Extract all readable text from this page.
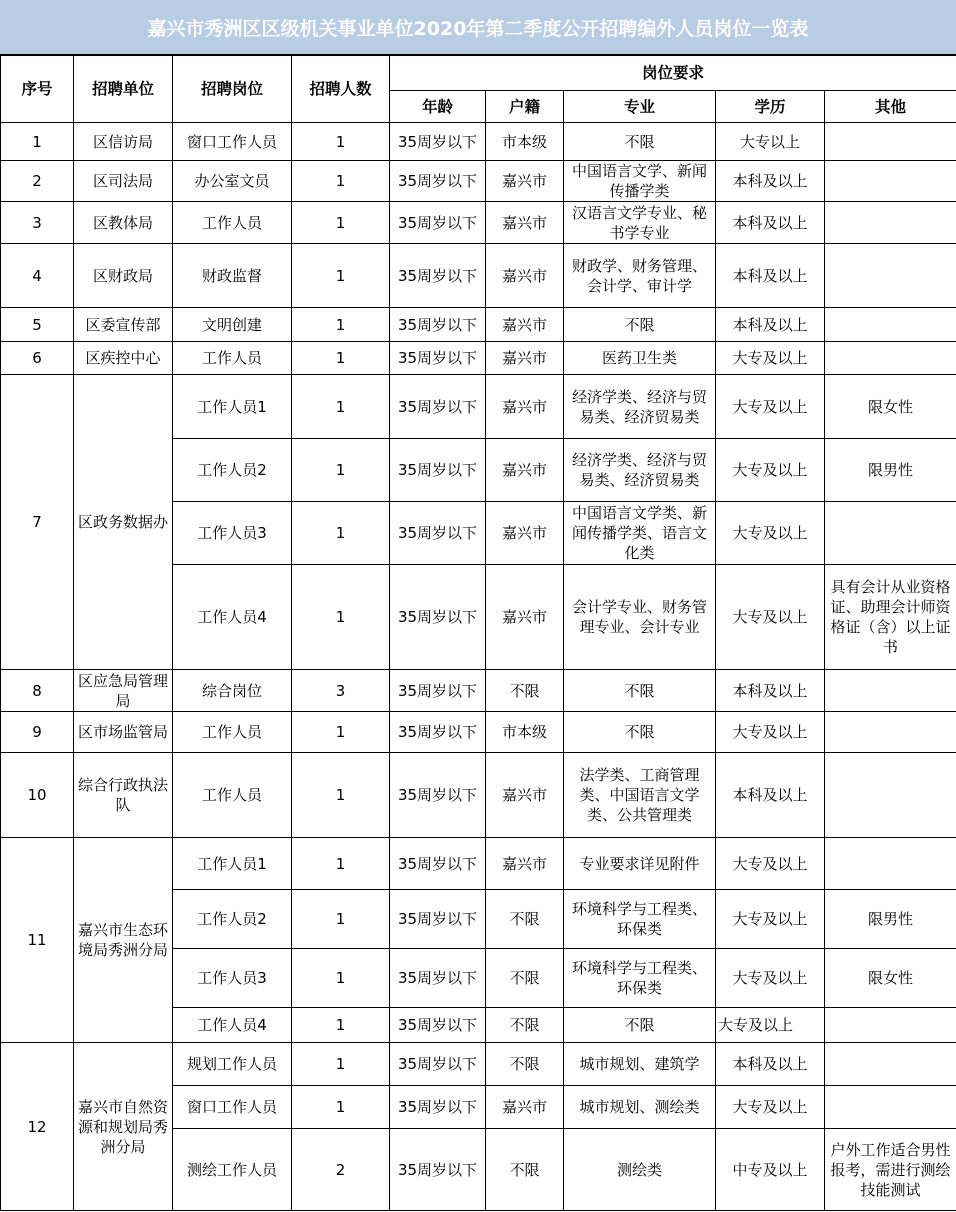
嘉兴市秀洲区区级机关事业单位2020年第二季度公开招聘编外人员岗位一览表
序号	招聘单位	招聘岗位	招聘人数	岗位要求				
				年龄	户籍	专业	学历	其他
1	区信访局	窗口工作人员	1	35周岁以下	市本级	不限	大专以上	
2	区司法局	办公室文员	1	35周岁以下	嘉兴市	中国语言文学、新闻传播学类	本科及以上	
3	区教体局	工作人员	1	35周岁以下	嘉兴市	汉语言文学专业、秘书学专业	本科及以上	
4	区财政局	财政监督	1	35周岁以下	嘉兴市	财政学、财务管理、会计学、审计学	本科及以上	
5	区委宣传部	文明创建	1	35周岁以下	嘉兴市	不限	本科及以上	
6	区疾控中心	工作人员	1	35周岁以下	嘉兴市	医药卫生类	大专及以上	
7	区政务数据办	工作人员1	1	35周岁以下	嘉兴市	经济学类、经济与贸易类、经济贸易类	大专及以上	限女性
		工作人员2	1	35周岁以下	嘉兴市	经济学类、经济与贸易类、经济贸易类	大专及以上	限男性
		工作人员3	1	35周岁以下	嘉兴市	中国语言文学类、新闻传播学类、语言文化类	大专及以上	
		工作人员4	1	35周岁以下	嘉兴市	会计学专业、财务管理专业、会计专业	大专及以上	具有会计从业资格证、助理会计师资格证（含）以上证书
8	区应急局管理局	综合岗位	3	35周岁以下	不限	不限	本科及以上	
9	区市场监管局	工作人员	1	35周岁以下	市本级	不限	大专及以上	
10	综合行政执法队	工作人员	1	35周岁以下	嘉兴市	法学类、工商管理类、中国语言文学类、公共管理类	本科及以上	
11	嘉兴市生态环境局秀洲分局	工作人员1	1	35周岁以下	嘉兴市	专业要求详见附件	大专及以上	
		工作人员2	1	35周岁以下	不限	环境科学与工程类、环保类	大专及以上	限男性
		工作人员3	1	35周岁以下	不限	环境科学与工程类、环保类	大专及以上	限女性
		工作人员4	1	35周岁以下	不限	不限	大专及以上	
12	嘉兴市自然资源和规划局秀洲分局	规划工作人员	1	35周岁以下	不限	城市规划、建筑学	本科及以上	
		窗口工作人员	1	35周岁以下	嘉兴市	城市规划、测绘类	大专及以上	
		测绘工作人员	2	35周岁以下	不限	测绘类	中专及以上	户外工作适合男性报考，需进行测绘技能测试
